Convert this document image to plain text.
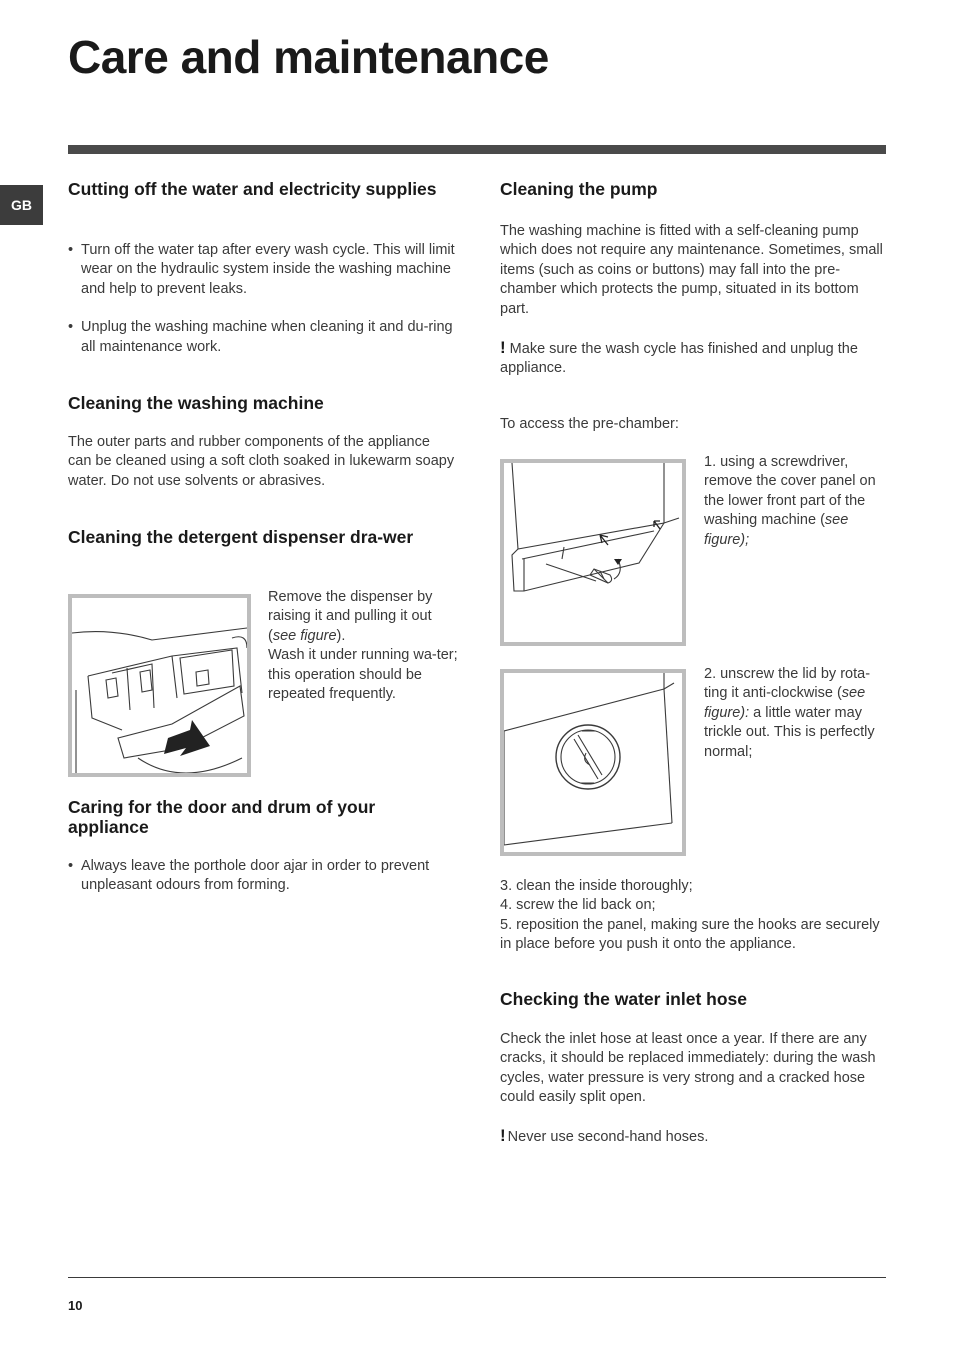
Care and maintenance
GB
Cutting off the water and electricity supplies
• Turn off the water tap after every wash cycle. This will limit wear on the hydraulic system inside the washing machine and help to prevent leaks.
• Unplug the washing machine when cleaning it and du-ring all maintenance work.
Cleaning the washing machine

The outer parts and rubber components of the appliance can be cleaned using a soft cloth soaked in lukewarm soapy water. Do not use solvents or abrasives.

Cleaning the detergent dispenser dra-wer

Remove the dispenser by raising it and pulling it out (see figure).
Wash it under running wa-ter; this operation should be repeated frequently.

Caring for the door and drum of your appliance
• Always leave the porthole door ajar in order to prevent unpleasant odours from forming.
Cleaning the pump

The washing machine is fitted with a self-cleaning pump which does not require any maintenance. Sometimes, small items (such as coins or buttons) may fall into the pre-chamber which protects the pump, situated in its bottom part.

! Make sure the wash cycle has finished and unplug the appliance.

To access the pre-chamber:

1. using a screwdriver, remove the cover panel on the lower front part of the washing machine (see figure);

2. unscrew the lid by rota-ting it anti-clockwise (see figure): a little water may trickle out. This is perfectly normal;

3. clean the inside thoroughly;
4. screw the lid back on;
5. reposition the panel, making sure the hooks are securely in place before you push it onto the appliance.

Checking the water inlet hose

Check the inlet hose at least once a year. If there are any cracks, it should be replaced immediately: during the wash cycles, water pressure is very strong and a cracked hose could easily split open.

! Never use second-hand hoses.

10
